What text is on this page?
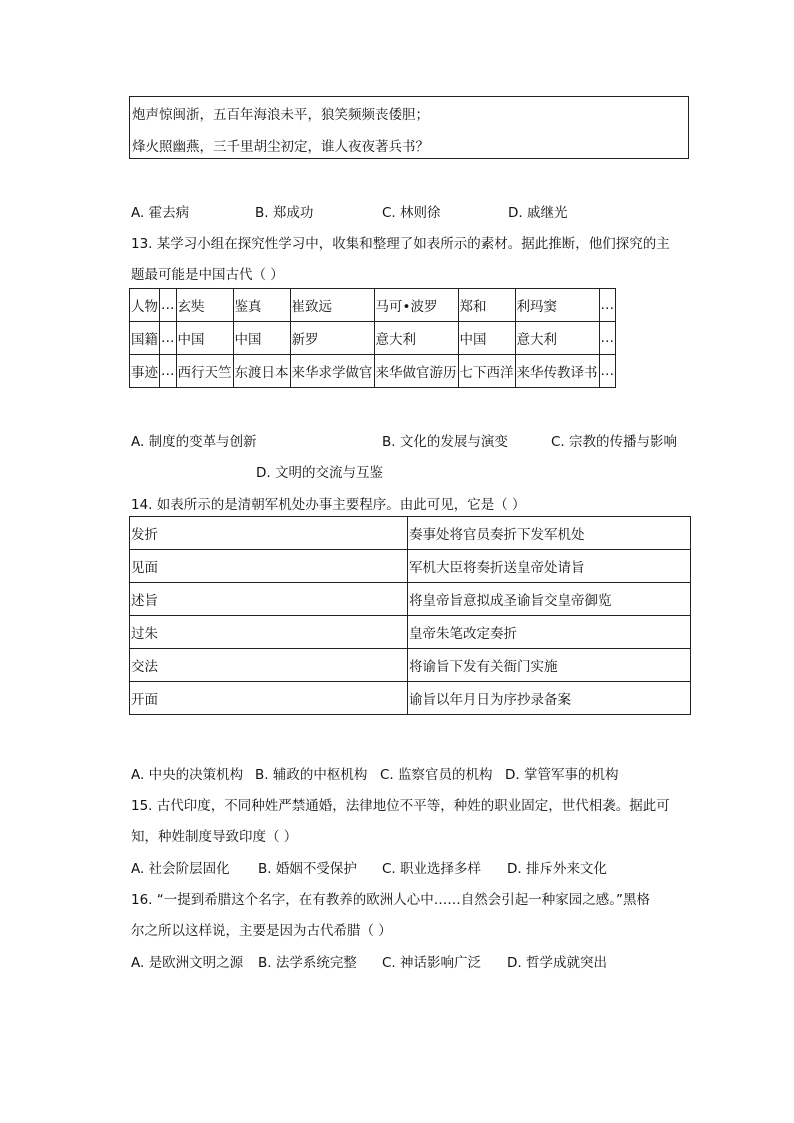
炮声惊闽浙，五百年海浪未平，狼笑频频丧倭胆；
烽火照幽燕，三千里胡尘初定，谁人夜夜著兵书？
A. 霍去病	B. 郑成功	C. 林则徐	D. 戚继光
13. 某学习小组在探究性学习中，收集和整理了如表所示的素材。据此推断，他们探究的主
题最可能是中国古代（ ）
人物	…	玄奘	鉴真	崔致远	马可•波罗	郑和	利玛窦	…
国籍	…	中国	中国	新罗	意大利	中国	意大利	…
事迹	…	西行天竺	东渡日本	来华求学做官	来华做官游历	七下西洋	来华传教译书	…
A. 制度的变革与创新	B. 文化的发展与演变	C. 宗教的传播与影响
D. 文明的交流与互鉴
14. 如表所示的是清朝军机处办事主要程序。由此可见，它是（ ）
发折	奏事处将官员奏折下发军机处
见面	军机大臣将奏折送皇帝处请旨
述旨	将皇帝旨意拟成圣谕旨交皇帝御览
过朱	皇帝朱笔改定奏折
交法	将谕旨下发有关衙门实施
开面	谕旨以年月日为序抄录备案
A. 中央的决策机构 B. 辅政的中枢机构 C. 监察官员的机构 D. 掌管军事的机构
15. 古代印度，不同种姓严禁通婚，法律地位不平等，种姓的职业固定，世代相袭。据此可
知，种姓制度导致印度（ ）
A. 社会阶层固化 B. 婚姻不受保护 C. 职业选择多样 D. 排斥外来文化
16. “一提到希腊这个名字，在有教养的欧洲人心中……自然会引起一种家园之感。”黑格
尔之所以这样说，主要是因为古代希腊（ ）
A. 是欧洲文明之源 B. 法学系统完整 C. 神话影响广泛 D. 哲学成就突出
